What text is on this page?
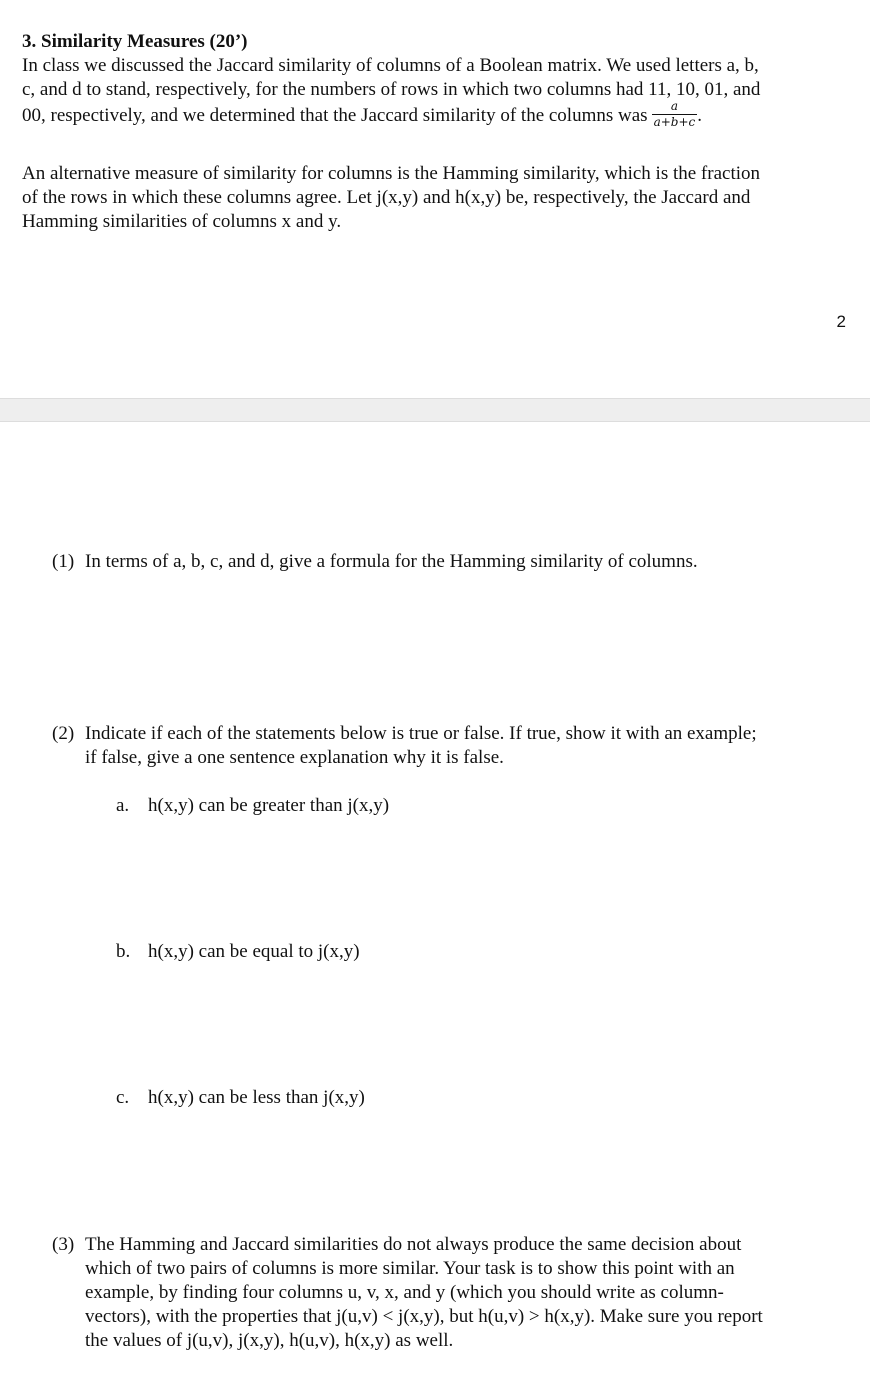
3. Similarity Measures (20’)
In class we discussed the Jaccard similarity of columns of a Boolean matrix. We used letters a, b,
c, and d to stand, respectively, for the numbers of rows in which two columns had 11, 10, 01, and
00, respectively, and we determined that the Jaccard similarity of the columns was $\frac{a}{a+b+c}$ .
An alternative measure of similarity for columns is the Hamming similarity, which is the fraction
of the rows in which these columns agree. Let j(x,y) and h(x,y) be, respectively, the Jaccard and
Hamming similarities of columns x and y.
2
(1) In terms of a, b, c, and d, give a formula for the Hamming similarity of columns.
(2) Indicate if each of the statements below is true or false. If true, show it with an example;
if false, give a one sentence explanation why it is false.
a. h(x,y) can be greater than j(x,y)
b. h(x,y) can be equal to j(x,y)
c. h(x,y) can be less than j(x,y)
(3) The Hamming and Jaccard similarities do not always produce the same decision about
which of two pairs of columns is more similar. Your task is to show this point with an
example, by finding four columns u, v, x, and y (which you should write as column-
vectors), with the properties that j(u,v) < j(x,y), but h(u,v) > h(x,y). Make sure you report
the values of j(u,v), j(x,y), h(u,v), h(x,y) as well.
